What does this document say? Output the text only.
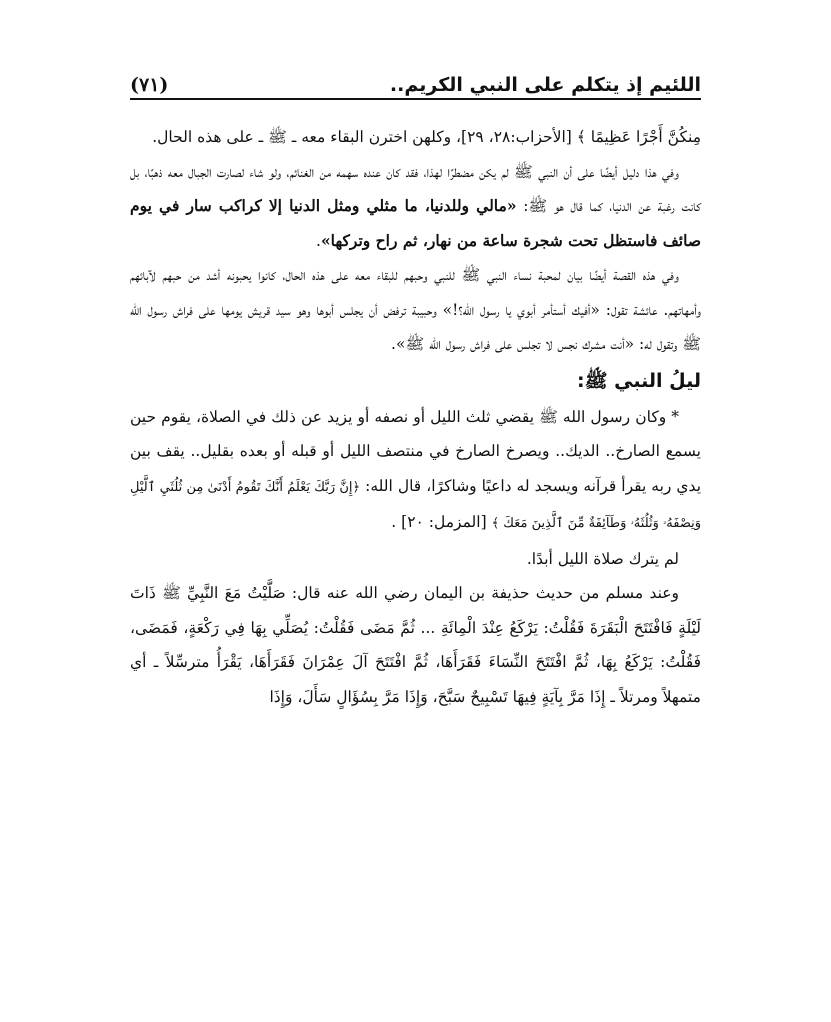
اللئيم إذ يتكلم على النبي الكريم..
(٧١)

مِنكُنَّ أَجْرًا عَظِيمًا ﴾ [الأحزاب:٢٨، ٢٩]، وكلهن اخترن البقاء معه ـ ﷺ ـ على هذه الحال.

وفي هذا دليل أيضًا على أن النبي ﷺ لم يكن مضطرًا لهذا، فقد كان عنده سهمه من الغنائم، ولو شاء لصارت الجبال معه ذهبًا، بل كانت رغبة عن الدنيا، كما قال هو ﷺ: «مالي وللدنيا، ما مثلي ومثل الدنيا إلا كراكب سار في يوم صائف فاستظل تحت شجرة ساعة من نهار، ثم راح وتركها».

وفي هذه القصة أيضًا بيان لمحبة نساء النبي ﷺ للنبي وحبهم للبقاء معه على هذه الحال، كانوا يحبونه أشد من حبهم لآبائهم وأمهاتهم. عائشة تقول: «أفيك أستأمر أبوي يا رسول الله؟!» وحبيبة ترفض أن يجلس أبوها وهو سيد قريش يومها على فراش رسول الله ﷺ وتقول له: «أنت مشرك نجس لا تجلس على فراش رسول الله ﷺ».

ليلُ النبي ﷺ:

* وكان رسول الله ﷺ يقضي ثلث الليل أو نصفه أو يزيد عن ذلك في الصلاة، يقوم حين يسمع الصارخ.. الديك.. ويصرخ الصارخ في منتصف الليل أو قبله أو بعده بقليل.. يقف بين يدي ربه يقرأ قرآنه ويسجد له داعيًا وشاكرًا، قال الله: ﴿إِنَّ رَبَّكَ يَعْلَمُ أَنَّكَ تَقُومُ أَدْنَىٰ مِن ثُلُثَيِ ٱلَّيْلِ وَنِصْفَهُۥ وَثُلُثَهُۥ وَطَآئِفَةٌ مِّنَ ٱلَّذِينَ مَعَكَ ﴾ [المزمل: ٢٠] .

لم يترك صلاة الليل أبدًا.

وعند مسلم من حديث حذيفة بن اليمان رضي الله عنه قال: صَلَّيْتُ مَعَ النَّبِيِّ ﷺ ذَاتَ لَيْلَةٍ فَافْتَتَحَ الْبَقَرَةَ فَقُلْتُ: يَرْكَعُ عِنْدَ الْمِائَةِ ... ثُمَّ مَضَى فَقُلْتُ: يُصَلِّي بِهَا فِي رَكْعَةٍ، فَمَضَى، فَقُلْتُ: يَرْكَعُ بِهَا، ثُمَّ افْتَتَحَ النِّسَاءَ فَقَرَأَهَا، ثُمَّ افْتَتَحَ آلَ عِمْرَانَ فَقَرَأَهَا، يَقْرَأُ مترسِّلاً ـ أي متمهلاً ومرتلاً ـ إِذَا مَرَّ بِآيَةٍ فِيهَا تَسْبِيحٌ سَبَّحَ، وَإِذَا مَرَّ بِسُؤَالٍ سَأَلَ، وَإِذَا
